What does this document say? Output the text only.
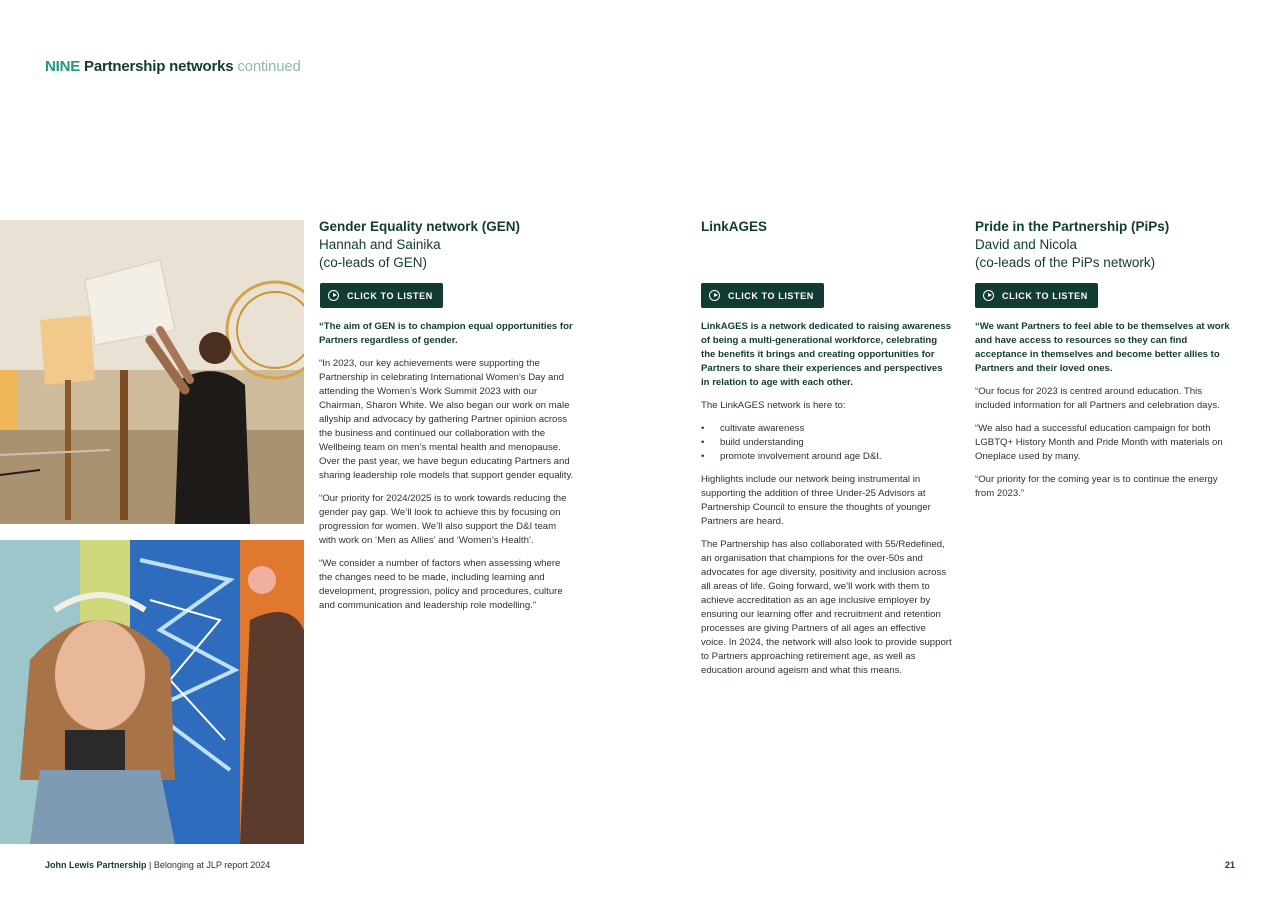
NINE Partnership networks continued
Gender Equality network (GEN)
Hannah and Sainika
(co-leads of GEN)
CLICK TO LISTEN

“The aim of GEN is to champion equal opportunities for Partners regardless of gender.

“In 2023, our key achievements were supporting the Partnership in celebrating International Women’s Day and attending the Women’s Work Summit 2023 with our Chairman, Sharon White. We also began our work on male allyship and advocacy by gathering Partner opinion across the business and continued our collaboration with the Wellbeing team on men’s mental health and menopause. Over the past year, we have begun educating Partners and sharing leadership role models that support gender equality.

“Our priority for 2024/2025 is to work towards reducing the gender pay gap. We’ll look to achieve this by focusing on progression for women. We’ll also support the D&I team with work on ‘Men as Allies’ and ‘Women’s Health’.

“We consider a number of factors when assessing where the changes need to be made, including learning and development, progression, policy and procedures, culture and communication and leadership role modelling.”

LinkAGES
CLICK TO LISTEN

LinkAGES is a network dedicated to raising awareness of being a multi-generational workforce, celebrating the benefits it brings and creating opportunities for Partners to share their experiences and perspectives in relation to age with each other.

The LinkAGES network is here to:

• cultivate awareness
• build understanding
• promote involvement around age D&I.

Highlights include our network being instrumental in supporting the addition of three Under-25 Advisors at Partnership Council to ensure the thoughts of younger Partners are heard.

The Partnership has also collaborated with 55/Redefined, an organisation that champions for the over-50s and advocates for age diversity, positivity and inclusion across all areas of life. Going forward, we’ll work with them to achieve accreditation as an age inclusive employer by ensuring our learning offer and recruitment and retention processes are giving Partners of all ages an effective voice. In 2024, the network will also look to provide support to Partners approaching retirement age, as well as education around ageism and what this means.

Pride in the Partnership (PiPs)
David and Nicola
(co-leads of the PiPs network)
CLICK TO LISTEN

“We want Partners to feel able to be themselves at work and have access to resources so they can find acceptance in themselves and become better allies to Partners and their loved ones.

“Our focus for 2023 is centred around education. This included information for all Partners and celebration days.

“We also had a successful education campaign for both LGBTQ+ History Month and Pride Month with materials on Oneplace used by many.

“Our priority for the coming year is to continue the energy from 2023.”

John Lewis Partnership | Belonging at JLP report 2024	21
